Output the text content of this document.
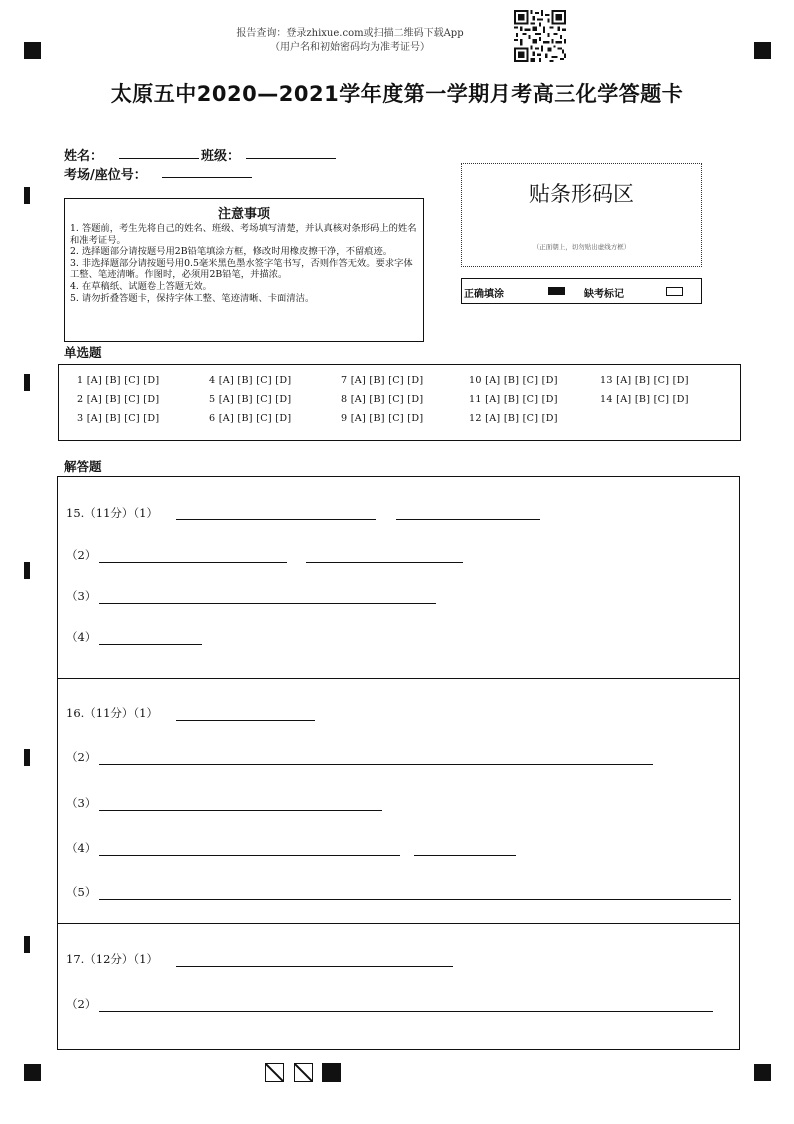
报告查询：登录zhixue.com或扫描二维码下载App
（用户名和初始密码均为准考证号）
太原五中2020—2021学年度第一学期月考高三化学答题卡
姓名：	班级：
考场/座位号：
注意事项

1. 答题前，考生先将自己的姓名、班级、考场填写清楚，并认真核对条形码上的姓名和准考证号。

2. 选择题部分请按题号用2B铅笔填涂方框，修改时用橡皮擦干净，不留痕迹。

3. 非选择题部分请按题号用0.5毫米黑色墨水签字笔书写，否则作答无效。要求字体工整、笔迹清晰。作图时，必须用2B铅笔，并描浓。

4. 在草稿纸、试题卷上答题无效。

5. 请勿折叠答题卡，保持字体工整、笔迹清晰、卡面清洁。

贴条形码区
（正面朝上，切勿贴出虚线方框）
正确填涂	缺考标记
单选题
1 [A] [B] [C] [D]
2 [A] [B] [C] [D]
3 [A] [B] [C] [D]
4 [A] [B] [C] [D]
5 [A] [B] [C] [D]
6 [A] [B] [C] [D]
7 [A] [B] [C] [D]
8 [A] [B] [C] [D]
9 [A] [B] [C] [D]
10 [A] [B] [C] [D]
11 [A] [B] [C] [D]
12 [A] [B] [C] [D]
13 [A] [B] [C] [D]
14 [A] [B] [C] [D]
解答题
15.（11分）（1）
（2）
（3）
（4）
16.（11分）（1）
（2）
（3）
（4）
（5）
17.（12分）（1）
（2）
